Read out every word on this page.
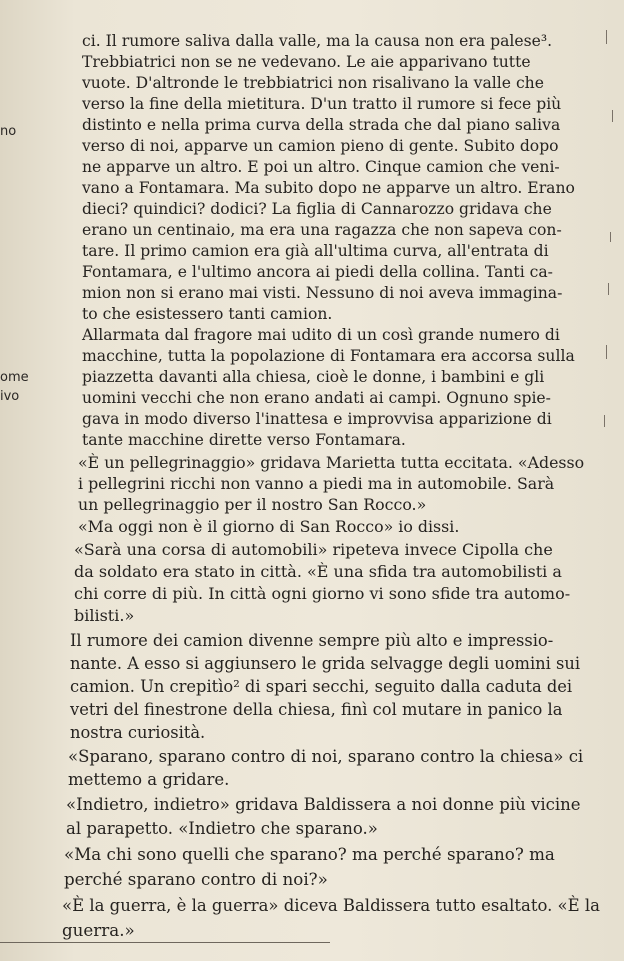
no
ome
ivo
ci. Il rumore saliva dalla valle, ma la causa non era palese³.
Trebbiatrici non se ne vedevano. Le aie apparivano tutte
vuote. D'altronde le trebbiatrici non risalivano la valle che
verso la fine della mietitura. D'un tratto il rumore si fece più
distinto e nella prima curva della strada che dal piano saliva
verso di noi, apparve un camion pieno di gente. Subito dopo
ne apparve un altro. E poi un altro. Cinque camion che veni-
vano a Fontamara. Ma subito dopo ne apparve un altro. Erano
dieci? quindici? dodici? La figlia di Cannarozzo gridava che
erano un centinaio, ma era una ragazza che non sapeva con-
tare. Il primo camion era già all'ultima curva, all'entrata di
Fontamara, e l'ultimo ancora ai piedi della collina. Tanti ca-
mion non si erano mai visti. Nessuno di noi aveva immagina-
to che esistessero tanti camion.
Allarmata dal fragore mai udito di un così grande numero di
macchine, tutta la popolazione di Fontamara era accorsa sulla
piazzetta davanti alla chiesa, cioè le donne, i bambini e gli
uomini vecchi che non erano andati ai campi. Ognuno spie-
gava in modo diverso l'inattesa e improvvisa apparizione di
tante macchine dirette verso Fontamara.
«È un pellegrinaggio» gridava Marietta tutta eccitata. «Adesso
i pellegrini ricchi non vanno a piedi ma in automobile. Sarà
un pellegrinaggio per il nostro San Rocco.»
«Ma oggi non è il giorno di San Rocco» io dissi.
«Sarà una corsa di automobili» ripeteva invece Cipolla che
da soldato era stato in città. «È una sfida tra automobilisti a
chi corre di più. In città ogni giorno vi sono sfide tra automo-
bilisti.»
Il rumore dei camion divenne sempre più alto e impressio-
nante. A esso si aggiunsero le grida selvagge degli uomini sui
camion. Un crepitìo² di spari secchi, seguito dalla caduta dei
vetri del finestrone della chiesa, finì col mutare in panico la
nostra curiosità.
«Sparano, sparano contro di noi, sparano contro la chiesa» ci
mettemo a gridare.
«Indietro, indietro» gridava Baldissera a noi donne più vicine
al parapetto. «Indietro che sparano.»
«Ma chi sono quelli che sparano? ma perché sparano? ma
perché sparano contro di noi?»
«È la guerra, è la guerra» diceva Baldissera tutto esaltato. «È la
guerra.»
